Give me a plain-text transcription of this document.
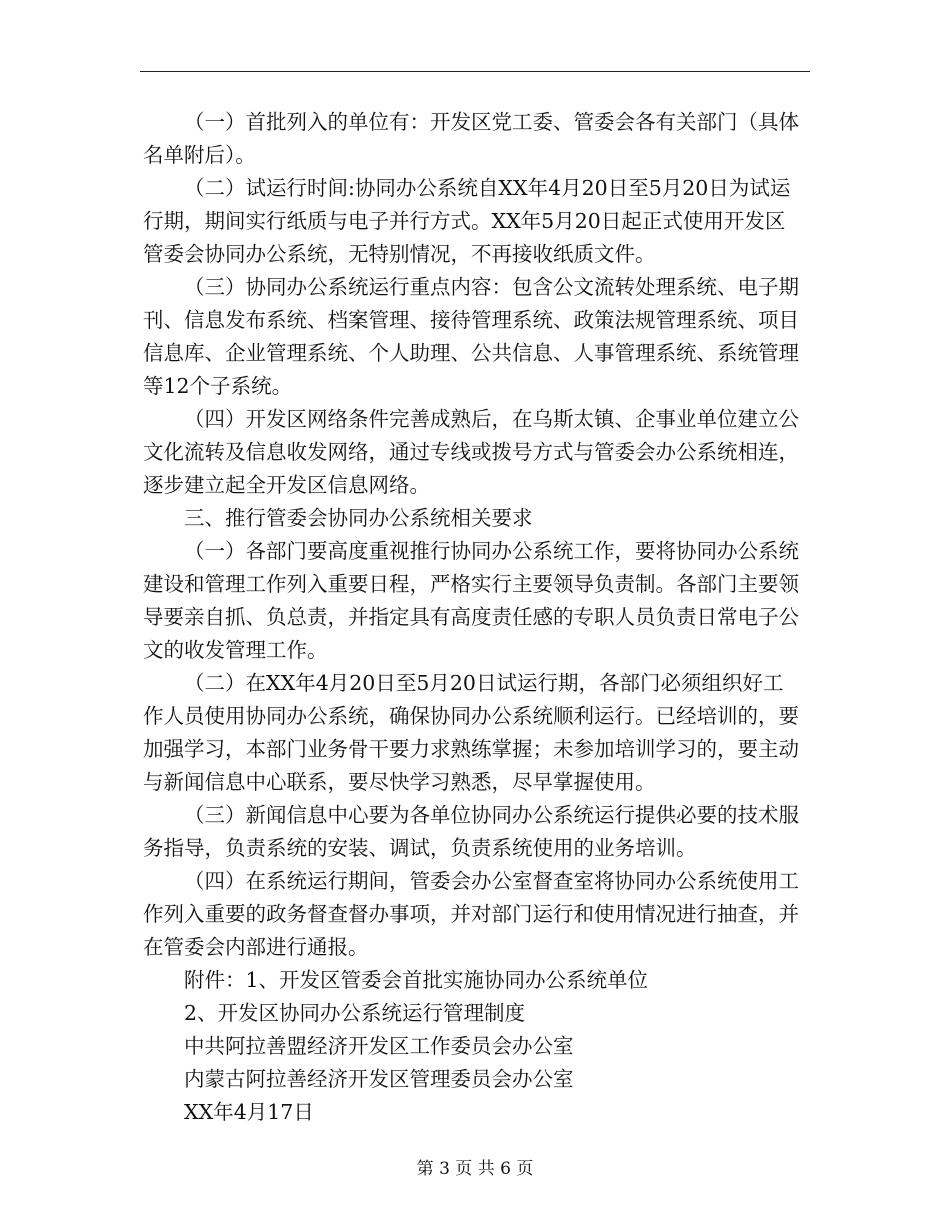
（一）首批列入的单位有：开发区党工委、管委会各有关部门（具体名单附后）。

（二）试运行时间:协同办公系统自XX年4月20日至5月20日为试运行期，期间实行纸质与电子并行方式。XX年5月20日起正式使用开发区管委会协同办公系统，无特别情况，不再接收纸质文件。

（三）协同办公系统运行重点内容：包含公文流转处理系统、电子期刊、信息发布系统、档案管理、接待管理系统、政策法规管理系统、项目信息库、企业管理系统、个人助理、公共信息、人事管理系统、系统管理等12个子系统。

（四）开发区网络条件完善成熟后，在乌斯太镇、企事业单位建立公文化流转及信息收发网络，通过专线或拨号方式与管委会办公系统相连，逐步建立起全开发区信息网络。

三、推行管委会协同办公系统相关要求

（一）各部门要高度重视推行协同办公系统工作，要将协同办公系统建设和管理工作列入重要日程，严格实行主要领导负责制。各部门主要领导要亲自抓、负总责，并指定具有高度责任感的专职人员负责日常电子公文的收发管理工作。

（二）在XX年4月20日至5月20日试运行期，各部门必须组织好工作人员使用协同办公系统，确保协同办公系统顺利运行。已经培训的，要加强学习，本部门业务骨干要力求熟练掌握；未参加培训学习的，要主动与新闻信息中心联系，要尽快学习熟悉，尽早掌握使用。

（三）新闻信息中心要为各单位协同办公系统运行提供必要的技术服务指导，负责系统的安装、调试，负责系统使用的业务培训。

（四）在系统运行期间，管委会办公室督查室将协同办公系统使用工作列入重要的政务督查督办事项，并对部门运行和使用情况进行抽查，并在管委会内部进行通报。

附件：1、开发区管委会首批实施协同办公系统单位

2、开发区协同办公系统运行管理制度

中共阿拉善盟经济开发区工作委员会办公室

内蒙古阿拉善经济开发区管理委员会办公室

XX年4月17日

第 3 页 共 6 页
